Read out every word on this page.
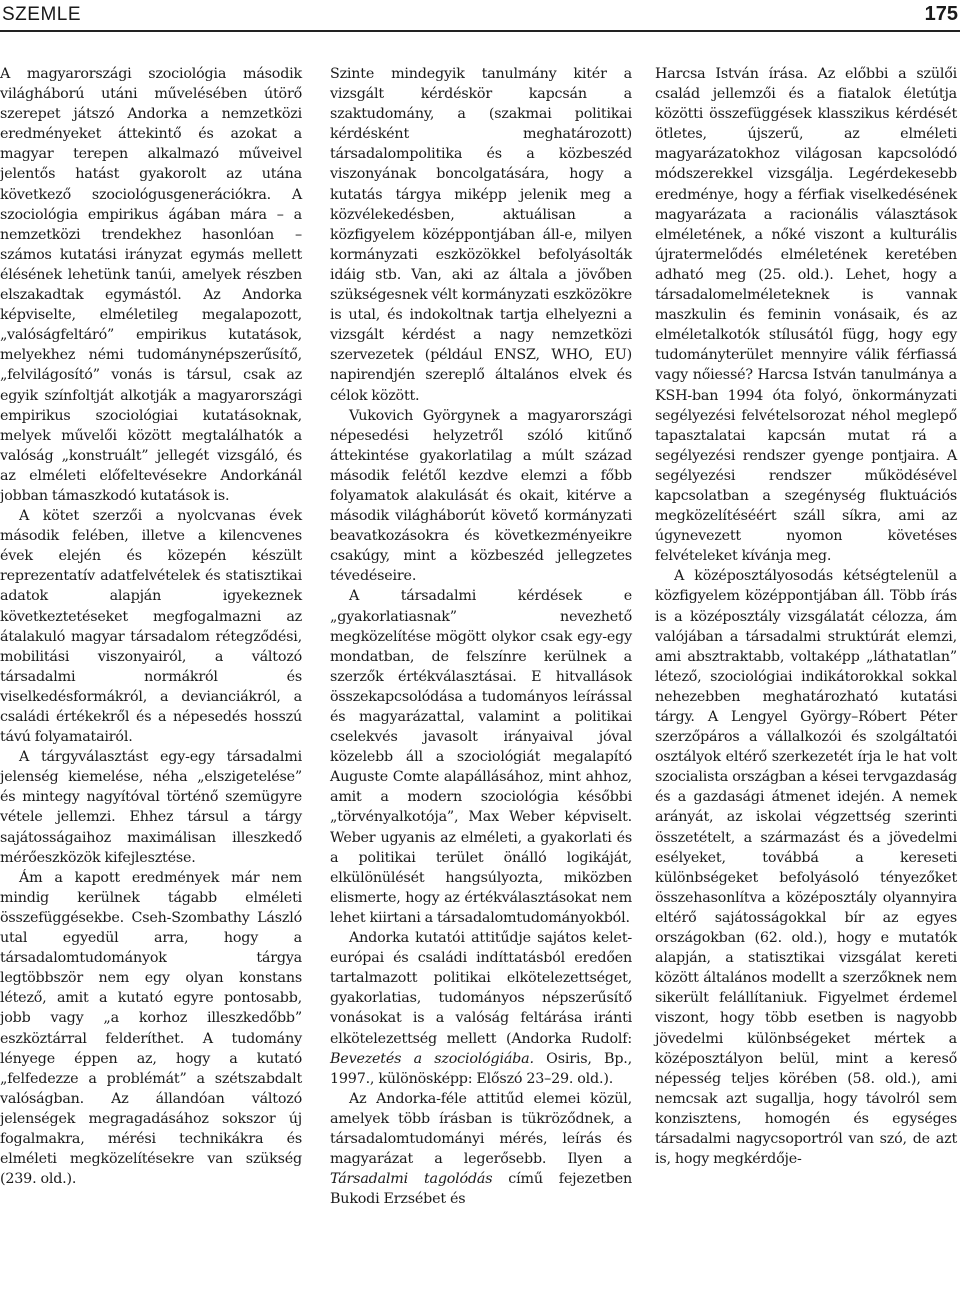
SZEMLE	175

A magyarországi szociológia második világháború utáni művelésében útörő szerepet játszó Andorka a nemzetközi eredményeket áttekintő és azokat a magyar terepen alkalmazó műveivel jelentős hatást gyakorolt az utána következő szociológusgenerációkra. A szociológia empirikus ágában mára – a nemzetközi trendekhez hasonlóan – számos kutatási irányzat egymás mellett élésének lehetünk tanúi, amelyek részben elszakadtak egymástól. Az Andorka képviselte, elméletileg megalapozott, „valóságfeltáró” empirikus kutatások, melyekhez némi tudománynépszerűsítő, „felvilágosító” vonás is társul, csak az egyik színfoltját alkotják a magyarországi empirikus szociológiai kutatásoknak, melyek művelői között megtalálhatók a valóság „konstruált” jellegét vizsgáló, és az elméleti előfeltevésekre Andorkánál jobban támaszkodó kutatások is.

A kötet szerzői a nyolcvanas évek második felében, illetve a kilencvenes évek elején és közepén készült reprezentatív adatfelvételek és statisztikai adatok alapján igyekeznek következtetéseket megfogalmazni az átalakuló magyar társadalom rétegződési, mobilitási viszonyairól, a változó társadalmi normákról és viselkedésformákról, a devianciákról, a családi értékekről és a népesedés hosszú távú folyamatairól.

A tárgyválasztást egy-egy társadalmi jelenség kiemelése, néha „elszigetelése” és mintegy nagyítóval történő szemügyre vétele jellemzi. Ehhez társul a tárgy sajátosságaihoz maximálisan illeszkedő mérőeszközök kifejlesztése.

Ám a kapott eredmények már nem mindig kerülnek tágabb elméleti összefüggésekbe. Cseh-Szombathy László utal egyedül arra, hogy a társadalomtudományok tárgya legtöbbször nem egy olyan konstans létező, amit a kutató egyre pontosabb, jobb vagy „a korhoz illeszkedőbb” eszköztárral felderíthet. A tudomány lényege éppen az, hogy a kutató „felfedezze a problémát” a szétszabdalt valóságban. Az állandóan változó jelenségek megragadásához sokszor új fogalmakra, mérési technikákra és elméleti megközelítésekre van szükség (239. old.).

Szinte mindegyik tanulmány kitér a vizsgált kérdéskör kapcsán a szaktudomány, a (szakmai politikai kérdésként meghatározott) társadalompolitika és a közbeszéd viszonyának boncolgatására, hogy a kutatás tárgya miképp jelenik meg a közvélekedésben, aktuálisan a közfigyelem középpontjában áll-e, milyen kormányzati eszközökkel befolyásolták idáig stb. Van, aki az általa a jövőben szükségesnek vélt kormányzati eszközökre is utal, és indokoltnak tartja elhelyezni a vizsgált kérdést a nagy nemzetközi szervezetek (például ENSZ, WHO, EU) napirendjén szereplő általános elvek és célok között.

Vukovich Györgynek a magyarországi népesedési helyzetről szóló kitűnő áttekintése gyakorlatilag a múlt század második felétől kezdve elemzi a főbb folyamatok alakulását és okait, kitérve a második világháborút követő kormányzati beavatkozásokra és következményeikre csakúgy, mint a közbeszéd jellegzetes tévedéseire.

A társadalmi kérdések e „gyakorlatiasnak” nevezhető megközelítése mögött olykor csak egy-egy mondatban, de felszínre kerülnek a szerzők értékválasztásai. E hitvallások összekapcsolódása a tudományos leírással és magyarázattal, valamint a politikai cselekvés javasolt irányaival jóval közelebb áll a szociológiát megalapító Auguste Comte alapállásához, mint ahhoz, amit a modern szociológia későbbi „törvényalkotója”, Max Weber képviselt. Weber ugyanis az elméleti, a gyakorlati és a politikai terület önálló logikáját, elkülönülését hangsúlyozta, miközben elismerte, hogy az értékválasztásokat nem lehet kiirtani a társadalomtudományokból.

Andorka kutatói attitűdje sajátos kelet-európai és családi indíttatásból eredően tartalmazott politikai elkötelezettséget, gyakorlatias, tudományos népszerűsítő vonásokat is a valóság feltárása iránti elkötelezettség mellett (Andorka Rudolf: Bevezetés a szociológiába. Osiris, Bp., 1997., különösképp: Előszó 23–29. old.).

Az Andorka-féle attitűd elemei közül, amelyek több írásban is tükröződnek, a társadalomtudományi mérés, leírás és magyarázat a legerősebb. Ilyen a Társadalmi tagolódás című fejezetben Bukodi Erzsébet és

Harcsa István írása. Az előbbi a szülői család jellemzői és a fiatalok életútja közötti összefüggések klasszikus kérdését ötletes, újszerű, az elméleti magyarázatokhoz világosan kapcsolódó módszerekkel vizsgálja. Legérdekesebb eredménye, hogy a férfiak viselkedésének magyarázata a racionális választások elméletének, a nőké viszont a kulturális újratermelődés elméletének keretében adható meg (25. old.). Lehet, hogy a társadalomelméleteknek is vannak maszkulin és feminin vonásaik, és az elméletalkotók stílusától függ, hogy egy tudományterület mennyire válik férfiassá vagy nőiessé? Harcsa István tanulmánya a KSH-ban 1994 óta folyó, önkormányzati segélyezési felvételsorozat néhol meglepő tapasztalatai kapcsán mutat rá a segélyezési rendszer gyenge pontjaira. A segélyezési rendszer működésével kapcsolatban a szegénység fluktuációs megközelítéséért száll síkra, ami az úgynevezett nyomon követéses felvételeket kívánja meg.

A középosztályosodás kétségtelenül a közfigyelem középpontjában áll. Több írás is a középosztály vizsgálatát célozza, ám valójában a társadalmi struktúrát elemzi, ami absztraktabb, voltaképp „láthatatlan” létező, szociológiai indikátorokkal sokkal nehezebben meghatározható kutatási tárgy. A Lengyel György–Róbert Péter szerzőpáros a vállalkozói és szolgáltatói osztályok eltérő szerkezetét írja le hat volt szocialista országban a kései tervgazdaság és a gazdasági átmenet idején. A nemek arányát, az iskolai végzettség szerinti összetételt, a származást és a jövedelmi esélyeket, továbbá a kereseti különbségeket befolyásoló tényezőket összehasonlítva a középosztály olyannyira eltérő sajátosságokkal bír az egyes országokban (62. old.), hogy e mutatók alapján, a statisztikai vizsgálat kereti között általános modellt a szerzőknek nem sikerült felállítaniuk. Figyelmet érdemel viszont, hogy több esetben is nagyobb jövedelmi különbségeket mértek a középosztályon belül, mint a kereső népesség teljes körében (58. old.), ami nemcsak azt sugallja, hogy távolról sem konzisztens, homogén és egységes társadalmi nagycsoportról van szó, de azt is, hogy megkérdője-
